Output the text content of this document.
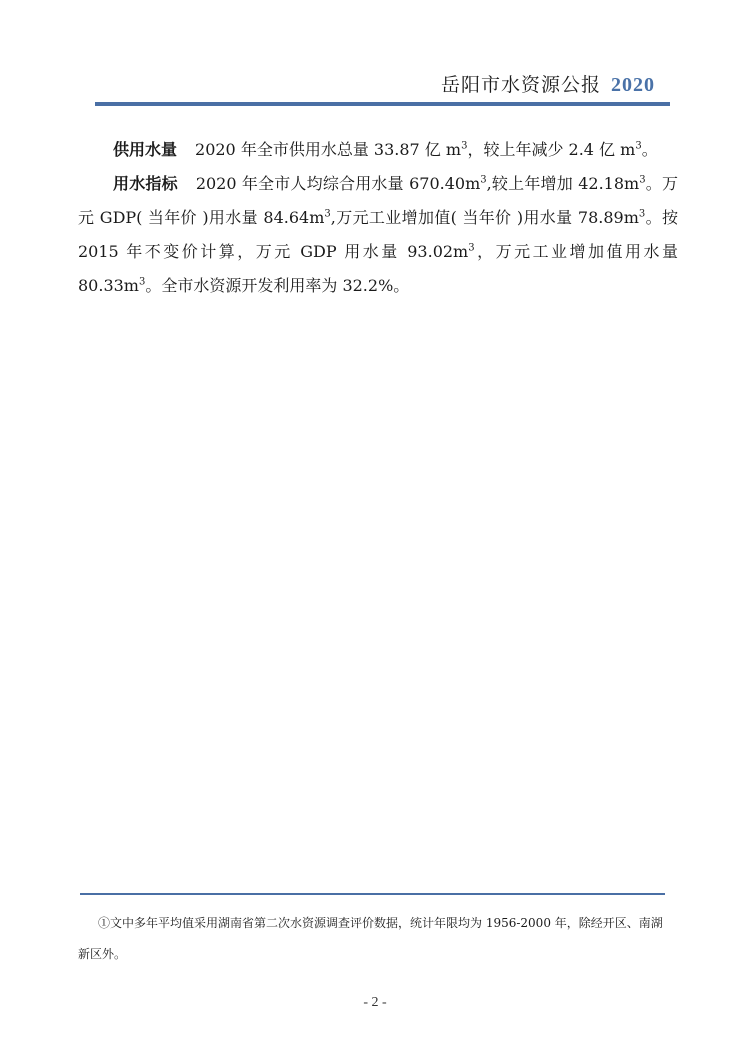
岳阳市水资源公报 2020

供用水量 2020 年全市供用水总量 33.87 亿 $m^3$，较上年减少 2.4 亿 $m^3$。

用水指标 2020 年全市人均综合用水量 $670.40m^3$,较上年增加 $42.18m^3$。万元 GDP( 当年价 )用水量 $84.64m^3$,万元工业增加值( 当年价 )用水量 $78.89m^3$。按 2015 年不变价计算，万元 GDP 用水量 $93.02m^3$，万元工业增加值用水量 $80.33m^3$。全市水资源开发利用率为 32.2%。

①文中多年平均值采用湖南省第二次水资源调查评价数据，统计年限均为 1956-2000 年，除经开区、南湖新区外。
- 2 -
